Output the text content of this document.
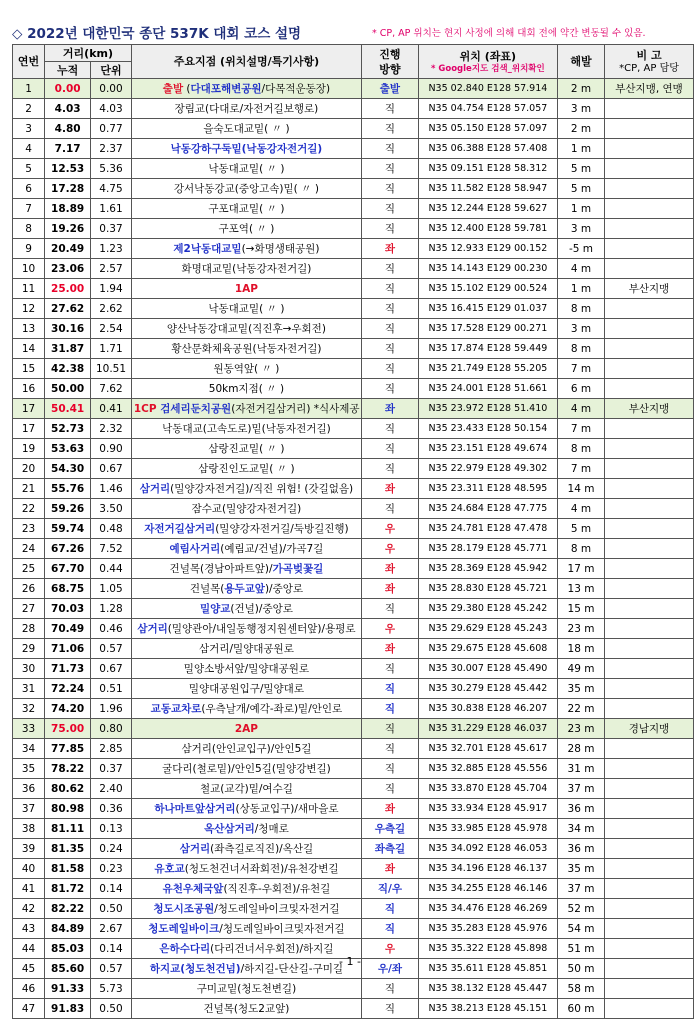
◇ 2022년 대한민국 종단 537K 대회 코스 설명	* CP, AP 위치는 현지 사정에 의해 대회 전에 약간 변동될 수 있음.
연번	거리(km)		주요지점 (위치설명/특기사항)	진행
방향	위치 (좌표)
* Google지도 검색_위치확인	해발	비 고
*CP, AP 담당

	누적	단위					
1	0.00	0.00	출발 (다대포해변공원/다목적운동장)	출발	N35 02.840 E128 57.914	2 m	부산지맹, 연맹
2	4.03	4.03	장림교(다대로/자전거길보행로)	직	N35 04.754 E128 57.057	3 m	
3	4.80	0.77	을숙도대교밑( 〃 )	직	N35 05.150 E128 57.097	2 m	
4	7.17	2.37	낙동강하구둑밑(낙동강자전거길)	직	N35 06.388 E128 57.408	1 m	
5	12.53	5.36	낙동대교밑( 〃 )	직	N35 09.151 E128 58.312	5 m	
6	17.28	4.75	강서낙동강교(중앙고속)밑( 〃 )	직	N35 11.582 E128 58.947	5 m	
7	18.89	1.61	구포대교밑( 〃 )	직	N35 12.244 E128 59.627	1 m	
8	19.26	0.37	구포역( 〃 )	직	N35 12.400 E128 59.781	3 m	
9	20.49	1.23	제2낙동대교밑(→화명생태공원)	좌	N35 12.933 E129 00.152	-5 m	
10	23.06	2.57	화명대교밑(낙동강자전거길)	직	N35 14.143 E129 00.230	4 m	
11	25.00	1.94	1AP	직	N35 15.102 E129 00.524	1 m	부산지맹
12	27.62	2.62	낙동대교밑( 〃 )	직	N35 16.415 E129 01.037	8 m	
13	30.16	2.54	양산낙동강대교밑(직진후→우회전)	직	N35 17.528 E129 00.271	3 m	
14	31.87	1.71	황산문화체육공원(낙동자전거길)	직	N35 17.874 E128 59.449	8 m	
15	42.38	10.51	원동역앞( 〃 )	직	N35 21.749 E128 55.205	7 m	
16	50.00	7.62	50km지점( 〃 )	직	N35 24.001 E128 51.661	6 m	
17	50.41	0.41	1CP 검세리둔치공원(자전거길삼거리) *식사제공	좌	N35 23.972 E128 51.410	4 m	부산지맹
17	52.73	2.32	낙동대교(고속도로)밑(낙동자전거길)	직	N35 23.433 E128 50.154	7 m	
19	53.63	0.90	삼랑진교밑( 〃 )	직	N35 23.151 E128 49.674	8 m	
20	54.30	0.67	삼랑진인도교밑( 〃 )	직	N35 22.979 E128 49.302	7 m	
21	55.76	1.46	삼거리(밀양강자전거길)/직진 위험! (갓길없음)	좌	N35 23.311 E128 48.595	14 m	
22	59.26	3.50	잠수교(밀양강자전거길)	직	N35 24.684 E128 47.775	4 m	
23	59.74	0.48	자전거길삼거리(밀양강자전거길/둑방길진행)	우	N35 24.781 E128 47.478	5 m	
24	67.26	7.52	예림사거리(예림교/건널)/가곡7길	우	N35 28.179 E128 45.771	8 m	
25	67.70	0.44	건널목(경남아파트앞)/가곡벚꽃길	좌	N35 28.369 E128 45.942	17 m	
26	68.75	1.05	건널목(용두교앞)/중앙로	좌	N35 28.830 E128 45.721	13 m	
27	70.03	1.28	밀양교(건널)/중앙로	직	N35 29.380 E128 45.242	15 m	
28	70.49	0.46	삼거리(밀양관아/내일동행정지원센터앞)/용평로	우	N35 29.629 E128 45.243	23 m	
29	71.06	0.57	삼거리/밀양대공원로	좌	N35 29.675 E128 45.608	18 m	
30	71.73	0.67	밀양소방서앞/밀양대공원로	직	N35 30.007 E128 45.490	49 m	
31	72.24	0.51	밀양대공원입구/밀양대로	직	N35 30.279 E128 45.442	35 m	
32	74.20	1.96	교동교차로(우측날개/예각-좌로)밑/안인로	직	N35 30.838 E128 46.207	22 m	
33	75.00	0.80	2AP	직	N35 31.229 E128 46.037	23 m	경남지맹
34	77.85	2.85	삼거리(안인교입구)/안인5길	직	N35 32.701 E128 45.617	28 m	
35	78.22	0.37	굴다리(철로밑)/안인5길(밀양강변길)	직	N35 32.885 E128 45.556	31 m	
36	80.62	2.40	철교(교각)밑/여수길	직	N35 33.870 E128 45.704	37 m	
37	80.98	0.36	하나마트앞삼거리(상동교입구)/새마을로	좌	N35 33.934 E128 45.917	36 m	
38	81.11	0.13	옥산삼거리/청매로	우측길	N35 33.985 E128 45.978	34 m	
39	81.35	0.24	삼거리(좌측길로직진)/옥산길	좌측길	N35 34.092 E128 46.053	36 m	
40	81.58	0.23	유호교(청도천건너서좌회전)/유천강변길	좌	N35 34.196 E128 46.137	35 m	
41	81.72	0.14	유천우체국앞(직진후-우회전)/유천길	직/우	N35 34.255 E128 46.146	37 m	
42	82.22	0.50	청도시조공원/청도레일바이크및자전거길	직	N35 34.476 E128 46.269	52 m	
43	84.89	2.67	청도레일바이크/청도레일바이크및자전거길	직	N35 35.283 E128 45.976	54 m	
44	85.03	0.14	은하수다리(다리건너서우회전)/하지길	우	N35 35.322 E128 45.898	51 m	
45	85.60	0.57	하지교(청도천건넘)/하지길-단산길-구미길	우/좌	N35 35.611 E128 45.851	50 m	
46	91.33	5.73	구미교밑(청도천변길)	직	N35 38.132 E128 45.447	58 m	
47	91.83	0.50	건널목(청도2교앞)	직	N35 38.213 E128 45.151	60 m	
- 1 -
